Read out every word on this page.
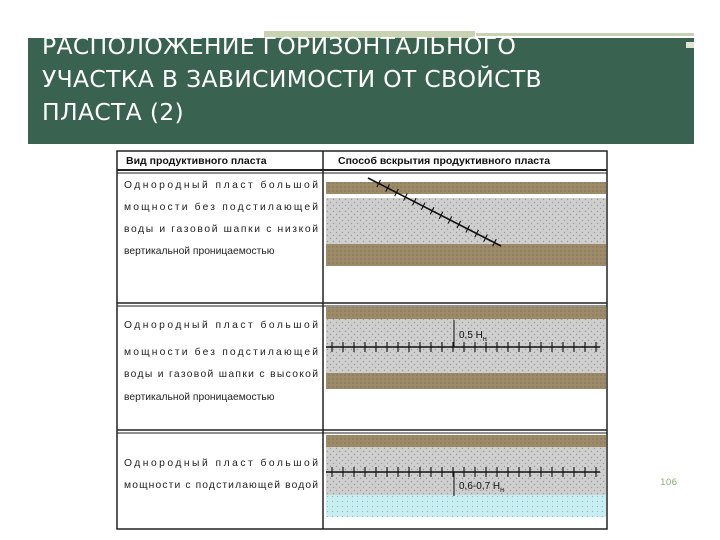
РАСПОЛОЖЕНИЕ ГОРИЗОНТАЛЬНОГО
УЧАСТКА В ЗАВИСИМОСТИ ОТ СВОЙСТВ
ПЛАСТА (2)
Вид продуктивного пласта	Способ вскрытия продуктивного пласта
Однородный пласт большой
мощности без подстилающей
воды и газовой шапки с низкой
вертикальной проницаемостью
Однородный пласт большой
мощности без подстилающей
воды и газовой шапки с высокой
вертикальной проницаемостью
0,5 $Н_н$
Однородный пласт большой
мощности с подстилающей водой	0,6-0,7 $Н_н$
106
